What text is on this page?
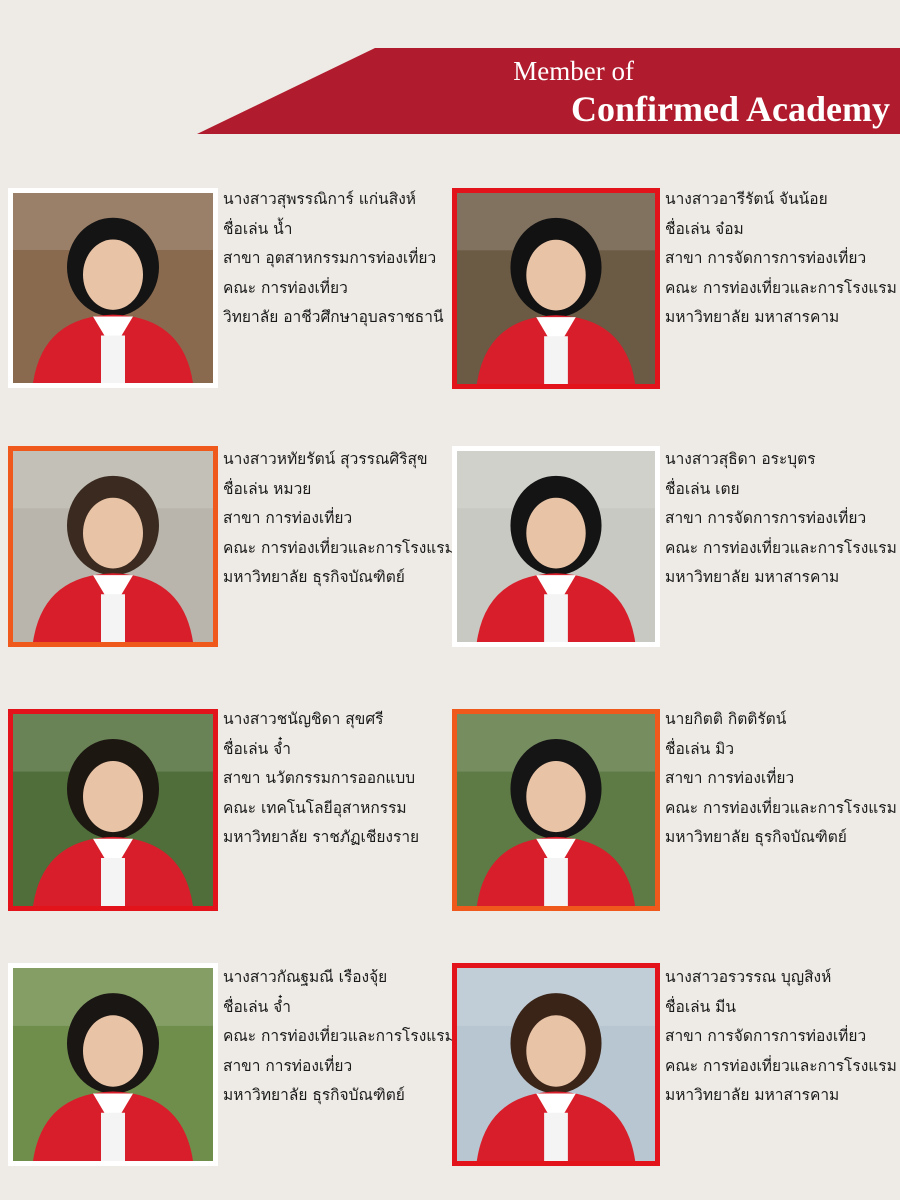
Member of
Confirmed Academy
นางสาวสุพรรณิการ์ แก่นสิงห์
ชื่อเล่น น้ำ
สาขา อุตสาหกรรมการท่องเที่ยว
คณะ การท่องเที่ยว
วิทยาลัย อาชีวศึกษาอุบลราชธานี
นางสาวอารีรัตน์ จันน้อย
ชื่อเล่น จ๋อม
สาขา การจัดการการท่องเที่ยว
คณะ การท่องเที่ยวและการโรงแรม
มหาวิทยาลัย มหาสารคาม
นางสาวหทัยรัตน์ สุวรรณศิริสุข
ชื่อเล่น หมวย
สาขา การท่องเที่ยว
คณะ การท่องเที่ยวและการโรงแรม
มหาวิทยาลัย ธุรกิจบัณฑิตย์
นางสาวสุธิดา อระบุตร
ชื่อเล่น เตย
สาขา การจัดการการท่องเที่ยว
คณะ การท่องเที่ยวและการโรงแรม
มหาวิทยาลัย มหาสารคาม
นางสาวชนัญชิดา สุขศรี
ชื่อเล่น จ๋ำ
สาขา นวัตกรรมการออกแบบ
คณะ เทคโนโลยีอุสาหกรรม
มหาวิทยาลัย ราชภัฏเชียงราย
นายกิตติ กิตติรัตน์
ชื่อเล่น มิว
สาขา การท่องเที่ยว
คณะ การท่องเที่ยวและการโรงแรม
มหาวิทยาลัย ธุรกิจบัณฑิตย์
นางสาวกัณฐมณี เรืองจุ้ย
ชื่อเล่น จ๋ำ
คณะ การท่องเที่ยวและการโรงแรม
สาขา การท่องเที่ยว
มหาวิทยาลัย ธุรกิจบัณฑิตย์
นางสาวอรวรรณ บุญสิงห์
ชื่อเล่น มีน
สาขา การจัดการการท่องเที่ยว
คณะ การท่องเที่ยวและการโรงแรม
มหาวิทยาลัย มหาสารคาม
